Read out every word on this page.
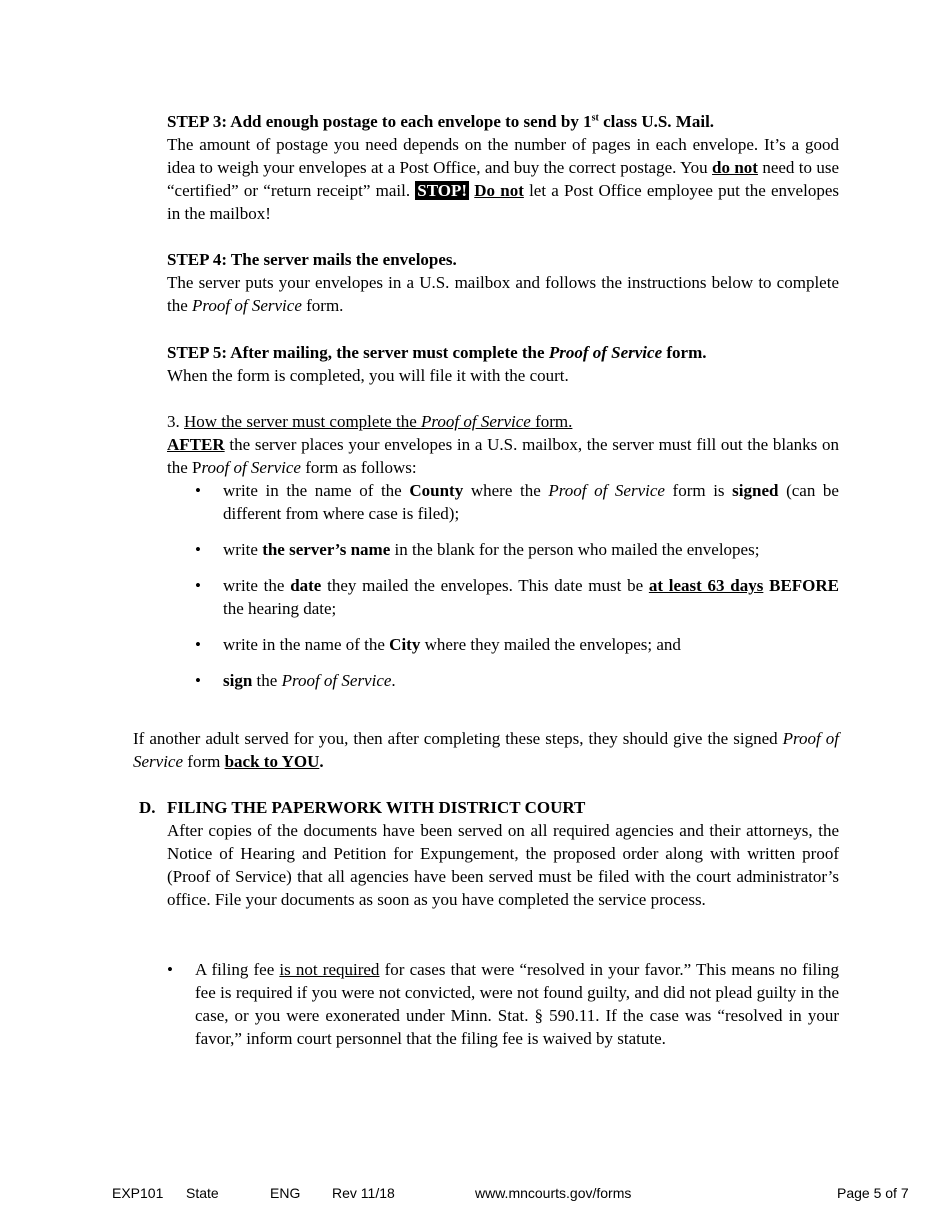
STEP 3: Add enough postage to each envelope to send by 1st class U.S. Mail.

The amount of postage you need depends on the number of pages in each envelope. It’s a good idea to weigh your envelopes at a Post Office, and buy the correct postage. You do not need to use “certified” or “return receipt” mail. STOP! Do not let a Post Office employee put the envelopes in the mailbox!

STEP 4: The server mails the envelopes.

The server puts your envelopes in a U.S. mailbox and follows the instructions below to complete the Proof of Service form.

STEP 5: After mailing, the server must complete the Proof of Service form.

When the form is completed, you will file it with the court.

3. How the server must complete the Proof of Service form.

AFTER the server places your envelopes in a U.S. mailbox, the server must fill out the blanks on the Proof of Service form as follows:

• write in the name of the County where the Proof of Service form is signed (can be different from where case is filed);
• write the server’s name in the blank for the person who mailed the envelopes;
• write the date they mailed the envelopes. This date must be at least 63 days BEFORE the hearing date;
• write in the name of the City where they mailed the envelopes; and
• sign the Proof of Service.

If another adult served for you, then after completing these steps, they should give the signed Proof of Service form back to YOU.

D. FILING THE PAPERWORK WITH DISTRICT COURT

After copies of the documents have been served on all required agencies and their attorneys, the Notice of Hearing and Petition for Expungement, the proposed order along with written proof (Proof of Service) that all agencies have been served must be filed with the court administrator’s office. File your documents as soon as you have completed the service process.

• A filing fee is not required for cases that were “resolved in your favor.” This means no filing fee is required if you were not convicted, were not found guilty, and did not plead guilty in the case, or you were exonerated under Minn. Stat. § 590.11. If the case was “resolved in your favor,” inform court personnel that the filing fee is waived by statute.

EXP101 State	ENG Rev 11/18	www.mncourts.gov/forms	Page 5 of 7
